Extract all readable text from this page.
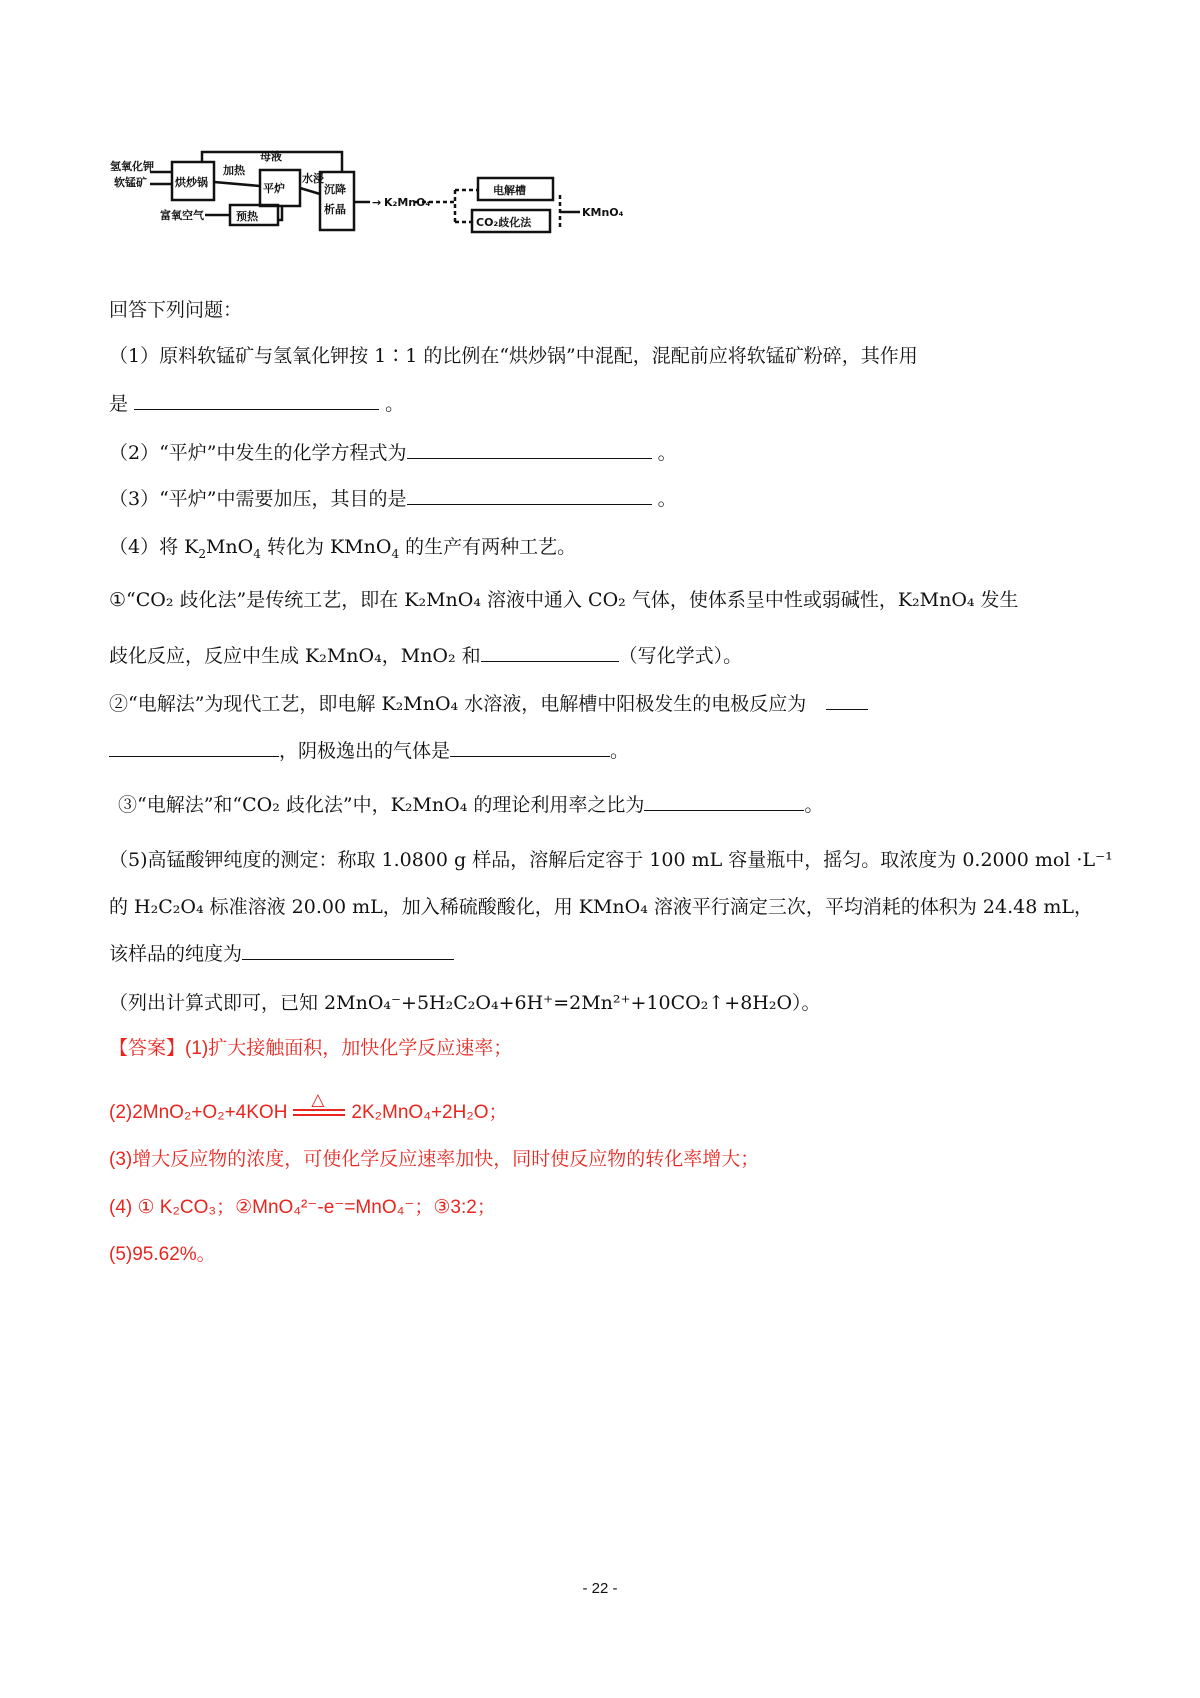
氢氧化钾
软锰矿
富氧空气
烘炒锅	平炉
预热
电解槽
CO₂歧化法
加热
水浸
母液
→ K₂MnO₄
KMnO₄
沉降析晶
回答下列问题：
（1）原料软锰矿与氢氧化钾按 1∶1 的比例在“烘炒锅”中混配，混配前应将软锰矿粉碎，其作用
是	。
（2）“平炉”中发生的化学方程式为	。
（3）“平炉”中需要加压，其目的是	。
（4）将 $K_2MnO_4$ 转化为 KMnO$_4$ 的生产有两种工艺。
①“CO₂ 歧化法”是传统工艺，即在 K₂MnO₄ 溶液中通入 CO₂ 气体，使体系呈中性或弱碱性，K₂MnO₄ 发生
歧化反应，反应中生成 K₂MnO₄，MnO₂ 和	（写化学式）。
②“电解法”为现代工艺，即电解 K₂MnO₄ 水溶液，电解槽中阳极发生的电极反应为
，阴极逸出的气体是	。
③“电解法”和“CO₂ 歧化法”中，K₂MnO₄ 的理论利用率之比为	。
（5)高锰酸钾纯度的测定：称取 1.0800 g 样品，溶解后定容于 100 mL 容量瓶中，摇匀。取浓度为 0.2000 mol ·L⁻¹
的 H₂C₂O₄ 标准溶液 20.00 mL，加入稀硫酸酸化，用 KMnO₄ 溶液平行滴定三次，平均消耗的体积为 24.48 mL，
该样品的纯度为
（列出计算式即可，已知 2MnO₄⁻+5H₂C₂O₄+6H⁺=2Mn²⁺+10CO₂↑+8H₂O）。
【答案】(1)扩大接触面积，加快化学反应速率；
(2)2MnO₂+O₂+4KOH
△
2K₂MnO₄+2H₂O；
(3)增大反应物的浓度，可使化学反应速率加快，同时使反应物的转化率增大；
(4) ① K₂CO₃；②MnO₄²⁻-e⁻=MnO₄⁻；③3:2；
(5)95.62%。
- 22 -
